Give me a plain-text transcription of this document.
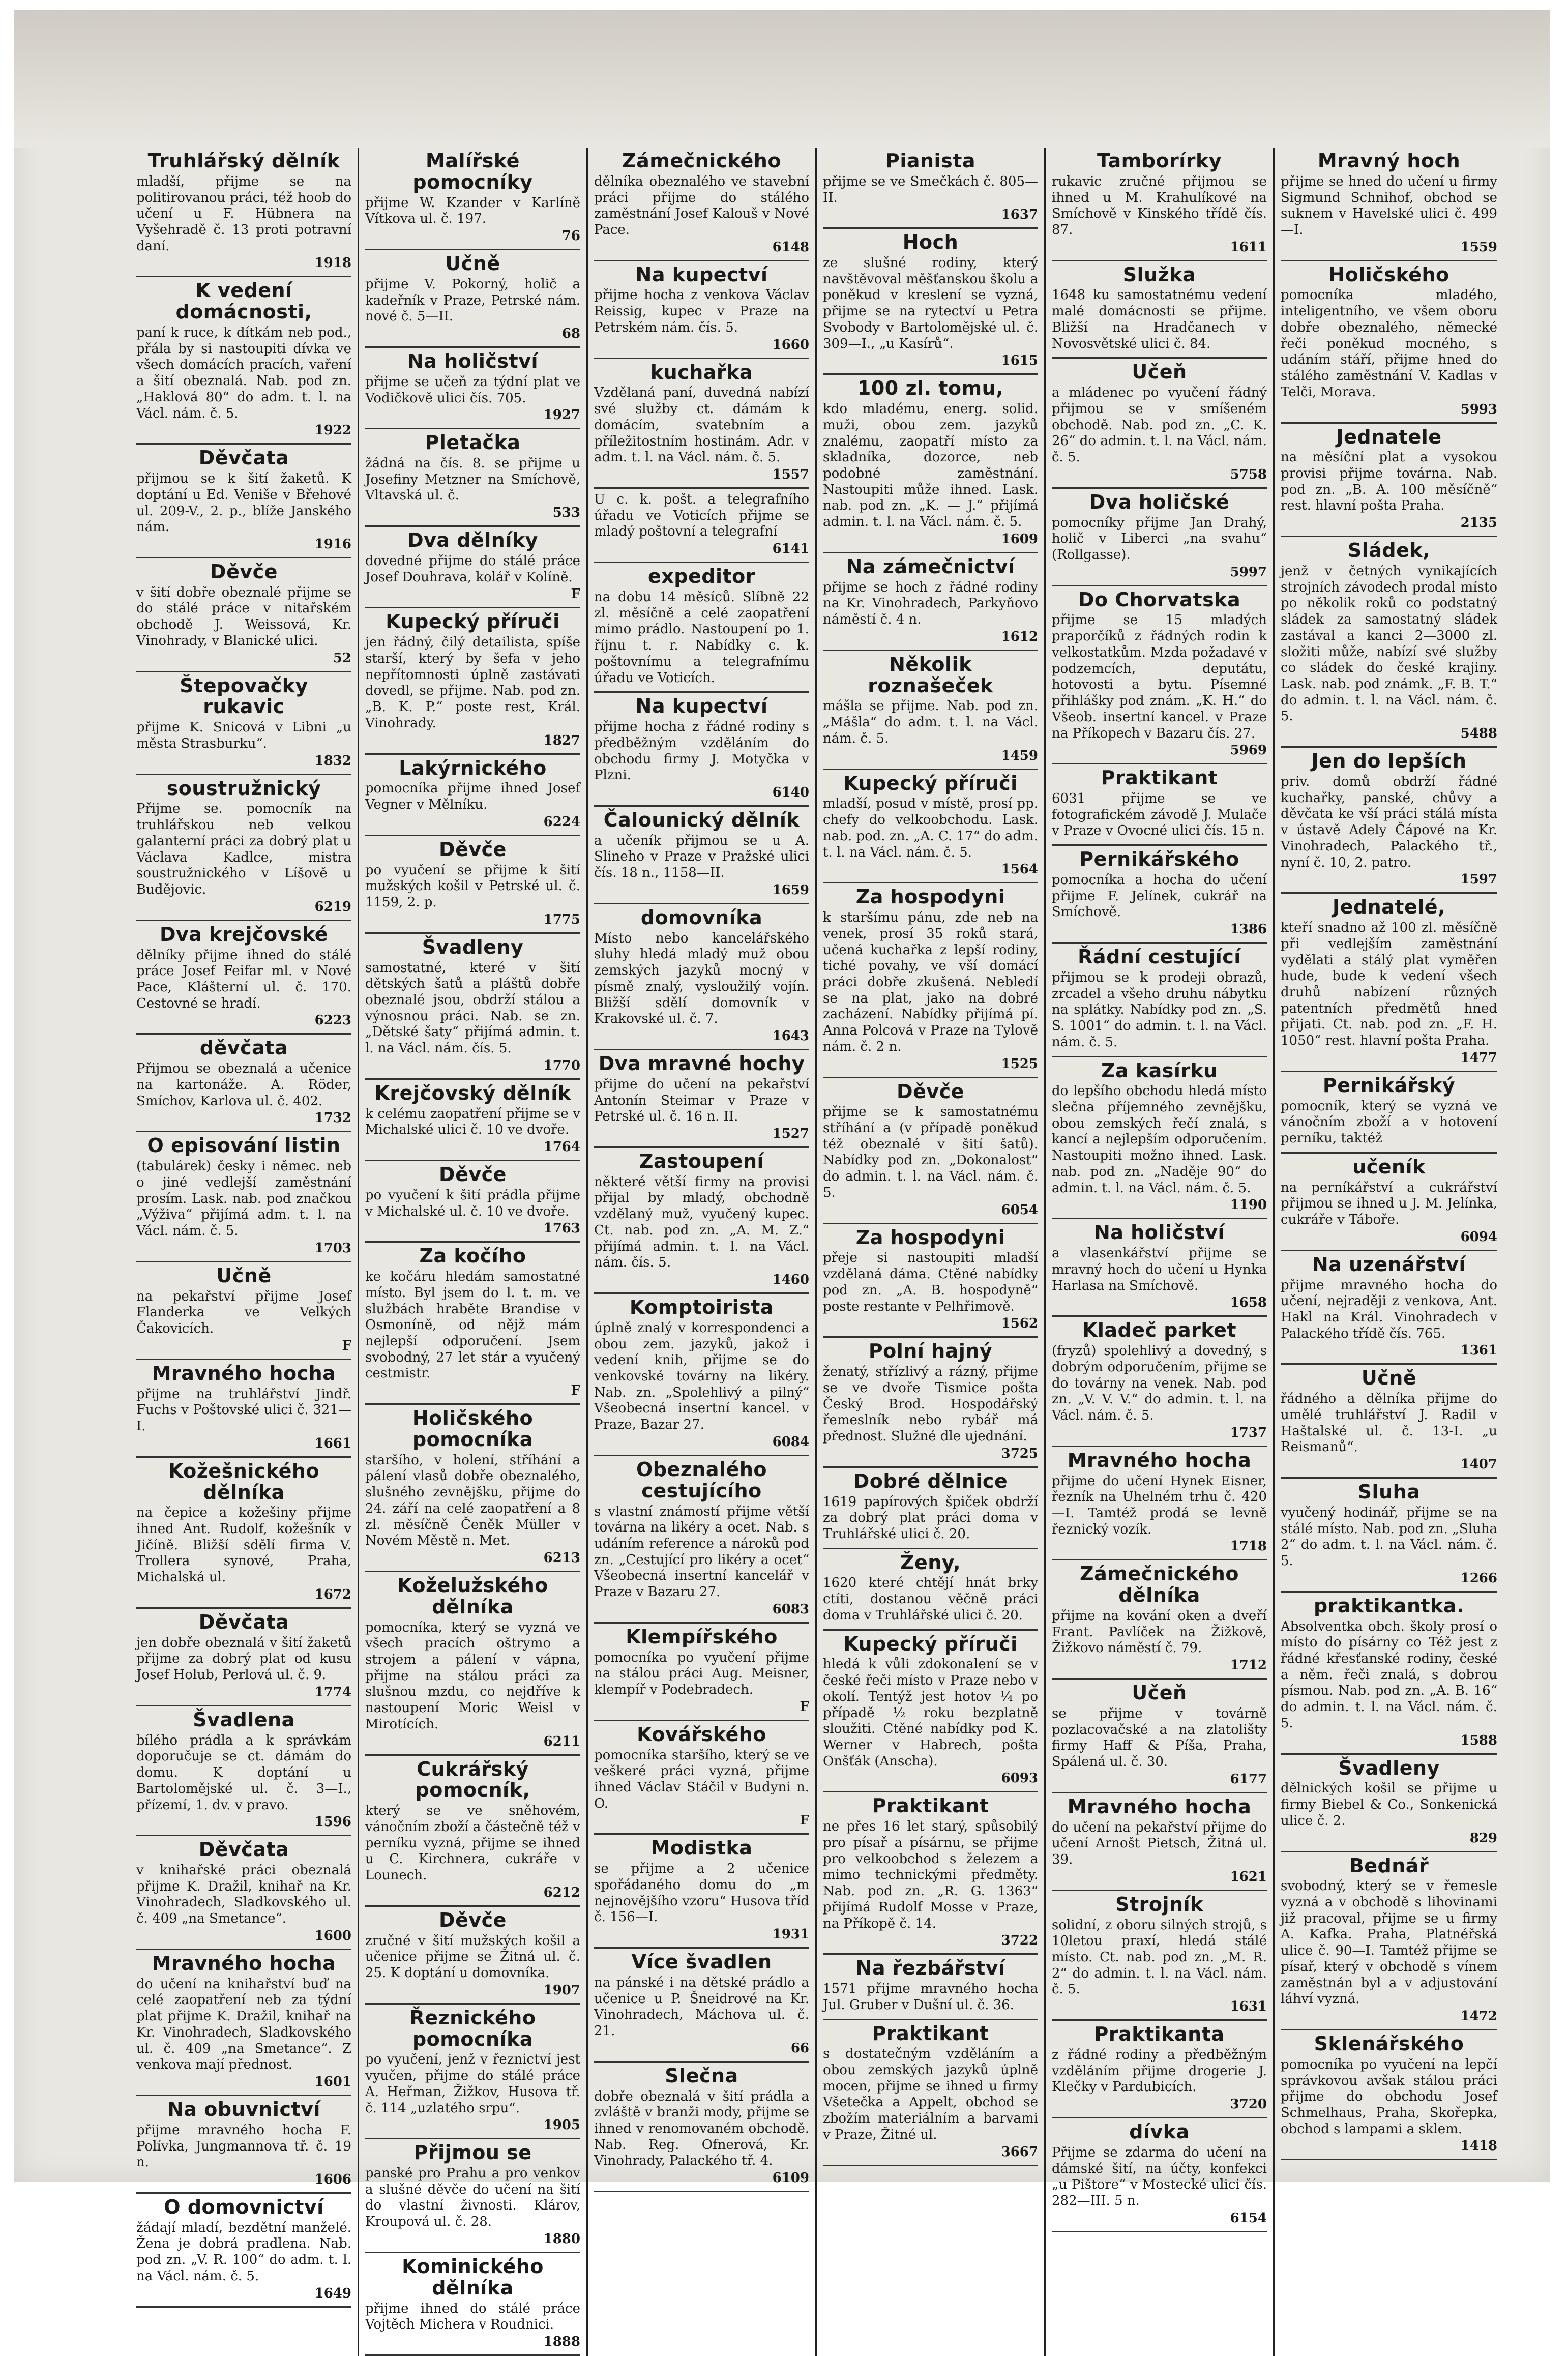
Truhlářský dělník

mladší, přijme se na politirovanou práci, též hoob do učení u F. Hübnera na Vyšehradě č. 13 proti potravní daní.

1918
K vedení domácnosti,

paní k ruce, k dítkám neb pod., přála by si nastoupiti dívka ve všech domácích pracích, vaření a šití obeznalá. Nab. pod zn. „Haklová 80“ do adm. t. l. na Václ. nám. č. 5.

1922
Děvčata

přijmou se k šití žaketů. K doptání u Ed. Veniše v Břehové ul. 209-V., 2. p., blíže Janského nám.

1916
Děvče

v šití dobře obeznalé přijme se do stálé práce v nitařském obchodě J. Weissová, Kr. Vinohrady, v Blanické ulici.

52
Štepovačky rukavic

přijme K. Snicová v Libni „u města Strasburku“.

1832
soustružnický

Přijme se. pomocník na truhlářskou neb velkou galanterní práci za dobrý plat u Václava Kadlce, mistra soustružnického v Líšově u Budějovic.

6219
Dva krejčovské

dělníky přijme ihned do stálé práce Josef Feifar ml. v Nové Pace, Klášterní ul. č. 170. Cestovné se hradí.

6223
děvčata

Přijmou se obeznalá a učenice na kartonáže. A. Röder, Smíchov, Karlova ul. č. 402.

1732
O episování listin

(tabulárek) česky i němec. neb o jiné vedlejší zaměstnání prosím. Lask. nab. pod značkou „Výživa“ přijímá adm. t. l. na Václ. nám. č. 5.

1703
Učně

na pekařství přijme Josef Flanderka ve Velkých Čakovicích.

F
Mravného hocha

přijme na truhlářství Jindř. Fuchs v Poštovské ulici č. 321—I.

1661
Kožešnického dělníka

na čepice a kožešiny přijme ihned Ant. Rudolf, kožešník v Jičíně. Bližší sdělí firma V. Trollera synové, Praha, Michalská ul.

1672
Děvčata

jen dobře obeznalá v šití žaketů přijme za dobrý plat od kusu Josef Holub, Perlová ul. č. 9.

1774
Švadlena

bílého prádla a k správkám doporučuje se ct. dámám do domu. K doptání u Bartolomějské ul. č. 3—I., přízemí, 1. dv. v pravo.

1596
Děvčata

v knihařské práci obeznalá přijme K. Dražil, knihař na Kr. Vinohradech, Sladkovského ul. č. 409 „na Smetance“.

1600
Mravného hocha

do učení na knihařství buď na celé zaopatření neb za týdní plat přijme K. Dražil, knihař na Kr. Vinohradech, Sladkovského ul. č. 409 „na Smetance“. Z venkova mají přednost.

1601
Na obuvnictví

přijme mravného hocha F. Polívka, Jungmannova tř. č. 19 n.

1606
O domovnictví

žádají mladí, bezdětní manželé. Žena je dobrá pradlena. Nab. pod zn. „V. R. 100“ do adm. t. l. na Václ. nám. č. 5.

1649
Malířské pomocníky

přijme W. Kzander v Karlíně Vítkova ul. č. 197.

76
Učně

přijme V. Pokorný, holič a kadeřník v Praze, Petrské nám. nové č. 5—II.

68
Na holičství

přijme se učeň za týdní plat ve Vodičkově ulici čís. 705.

1927
Pletačka

žádná na čís. 8. se přijme u Josefiny Metzner na Smíchově, Vltavská ul. č.

533
Dva dělníky

dovedné přijme do stálé práce Josef Douhrava, kolář v Kolíně.

F
Kupecký příruči

jen řádný, čilý detailista, spíše starší, který by šefa v jeho nepřítomnosti úplně zastávati dovedl, se přijme. Nab. pod zn. „B. K. P.“ poste rest, Král. Vinohrady.

1827
Lakýrnického

pomocníka přijme ihned Josef Vegner v Mělníku.

6224
Děvče

po vyučení se přijme k šití mužských košil v Petrské ul. č. 1159, 2. p.

1775
Švadleny

samostatné, které v šití dětských šatů a pláštů dobře obeznalé jsou, obdrží stálou a výnosnou práci. Nab. se zn. „Dětské šaty“ přijímá admin. t. l. na Václ. nám. čís. 5.

1770
Krejčovský dělník

k celému zaopatření přijme se v Michalské ulici č. 10 ve dvoře.

1764
Děvče

po vyučení k šití prádla přijme v Michalské ul. č. 10 ve dvoře.

1763
Za kočího

ke kočáru hledám samostatné místo. Byl jsem do l. t. m. ve službách hraběte Brandise v Osmoníně, od nějž mám nejlepší odporučení. Jsem svobodný, 27 let stár a vyučený cestmistr.

F
Holičského pomocníka

staršího, v holení, stříhání a pálení vlasů dobře obeznalého, slušného zevnějšku, přijme do 24. září na celé zaopatření a 8 zl. měsíčně Čeněk Müller v Novém Městě n. Met.

6213
Koželužského dělníka

pomocníka, který se vyzná ve všech pracích oštrymo a strojem a pálení v vápna, přijme na stálou práci za slušnou mzdu, co nejdříve k nastoupení Moric Weisl v Mirotících.

6211
Cukrářský pomocník,

který se ve sněhovém, vánočním zboží a částečně též v perníku vyzná, přijme se ihned u C. Kirchnera, cukráře v Lounech.

6212
Děvče

zručné v šití mužských košil a učenice přijme se Žitná ul. č. 25. K doptání u domovníka.

1907
Řeznického pomocníka

po vyučení, jenž v řeznictví jest vyučen, přijme do stálé práce A. Heřman, Žižkov, Husova tř. č. 114 „uzlatého srpu“.

1905
Přijmou se

panské pro Prahu a pro venkov a slušné děvče do učení na šití do vlastní živnosti. Klárov, Kroupová ul. č. 28.

1880
Kominického dělníka

přijme ihned do stálé práce Vojtěch Michera v Roudnici.

1888
Zámečnického

dělníka obeznalého ve stavební práci přijme do stálého zaměstnání Josef Kalouš v Nové Pace.

6148
Na kupectví

přijme hocha z venkova Václav Reissig, kupec v Praze na Petrském nám. čís. 5.

1660
kuchařka

Vzdělaná paní, duvedná nabízí své služby ct. dámám k domácím, svatebním a příležitostním hostinám. Adr. v adm. t. l. na Václ. nám. č. 5.

1557

U c. k. pošt. a telegrafního úřadu ve Voticích přijme se mladý poštovní a telegrafní

6141
expeditor

na dobu 14 měsíců. Slíbně 22 zl. měsíčně a celé zaopatření mimo prádlo. Nastoupení po 1. říjnu t. r. Nabídky c. k. poštovnímu a telegrafnímu úřadu ve Voticích.

Na kupectví

přijme hocha z řádné rodiny s předběžným vzděláním do obchodu firmy J. Motyčka v Plzni.

6140
Čalounický dělník

a učeník přijmou se u A. Slineho v Praze v Pražské ulici čís. 18 n., 1158—II.

1659
domovníka

Místo nebo kancelářského sluhy hledá mladý muž obou zemských jazyků mocný v písmě znalý, vysloužilý vojín. Bližší sdělí domovník v Krakovské ul. č. 7.

1643
Dva mravné hochy

přijme do učení na pekařství Antonín Steimar v Praze v Petrské ul. č. 16 n. II.

1527
Zastoupení

některé větší firmy na provisi přijal by mladý, obchodně vzdělaný muž, vyučený kupec. Ct. nab. pod zn. „A. M. Z.“ přijímá admin. t. l. na Václ. nám. čís. 5.

1460
Komptoirista

úplně znalý v korrespondenci a obou zem. jazyků, jakož i vedení knih, přijme se do venkovské továrny na likéry. Nab. zn. „Spolehlivý a pilný“ Všeobecná insertní kancel. v Praze, Bazar 27.

6084
Obeznalého cestujícího

s vlastní známostí přijme větší továrna na likéry a ocet. Nab. s udáním reference a nároků pod zn. „Cestující pro likéry a ocet“ Všeobecná insertní kancelář v Praze v Bazaru 27.

6083
Klempířského

pomocníka po vyučení přijme na stálou práci Aug. Meisner, klempíř v Podebradech.

F
Kovářského

pomocníka staršího, který se ve veškeré práci vyzná, přijme ihned Václav Stáčil v Budyni n. O.

F
Modistka

se přijme a 2 učenice spořádaného domu do „m nejnovějšího vzoru“ Husova tříd č. 156—I.

1931
Více švadlen

na pánské i na dětské prádlo a učenice u P. Šneidrové na Kr. Vinohradech, Máchova ul. č. 21.

66
Slečna

dobře obeznalá v šití prádla a zvláště v branži mody, přijme se ihned v renomovaném obchodě. Nab. Reg. Ofnerová, Kr. Vinohrady, Palackého tř. 4.

6109
Pianista

přijme se ve Smečkách č. 805—II.

1637
Hoch

ze slušné rodiny, který navštěvoval měšťanskou školu a poněkud v kreslení se vyzná, přijme se na rytectví u Petra Svobody v Bartolomějské ul. č. 309—I., „u Kasírů“.

1615
100 zl. tomu,

kdo mladému, energ. solid. muži, obou zem. jazyků znalému, zaopatří místo za skladníka, dozorce, neb podobné zaměstnání. Nastoupiti může ihned. Lask. nab. pod zn. „K. — J.“ přijímá admin. t. l. na Václ. nám. č. 5.

1609
Na zámečnictví

přijme se hoch z řádné rodiny na Kr. Vinohradech, Parkyňovo náměstí č. 4 n.

1612
Několik roznašeček

mášla se přijme. Nab. pod zn. „Mášla“ do adm. t. l. na Václ. nám. č. 5.

1459
Kupecký příruči

mladší, posud v místě, prosí pp. chefy do velkoobchodu. Lask. nab. pod. zn. „A. C. 17“ do adm. t. l. na Václ. nám. č. 5.

1564
Za hospodyni

k staršímu pánu, zde neb na venek, prosí 35 roků stará, učená kuchařka z lepší rodiny, tiché povahy, ve vší domácí práci dobře zkušená. Nebledí se na plat, jako na dobré zacházení. Nabídky přijímá pí. Anna Polcová v Praze na Tylově nám. č. 2 n.

1525
Děvče

přijme se k samostatnému stříhání a (v případě poněkud též obeznalé v šití šatů). Nabídky pod zn. „Dokonalost“ do admin. t. l. na Václ. nám. č. 5.

6054
Za hospodyni

přeje si nastoupiti mladší vzdělaná dáma. Ctěné nabídky pod zn. „A. B. hospodyně“ poste restante v Pelhřimově.

1562
Polní hajný

ženatý, střízlivý a rázný, přijme se ve dvoře Tismice pošta Český Brod. Hospodářský řemeslník nebo rybář má přednost. Služné dle ujednání.

3725
Dobré dělnice

1619 papírových špiček obdrží za dobrý plat práci doma v Truhlářské ulici č. 20.

Ženy,

1620 které chtějí hnát brky ctíti, dostanou věčně práci doma v Truhlářské ulici č. 20.

Kupecký příruči

hledá k vůli zdokonalení se v české řeči místo v Praze nebo v okolí. Tentýž jest hotov ¼ po případě ½ roku bezplatně sloužiti. Ctěné nabídky pod K. Werner v Habrech, pošta Onšťák (Anscha).

6093
Praktikant

ne přes 16 let starý, spůsobilý pro písař a písárnu, se přijme pro velkoobchod s železem a mimo technickými předměty. Nab. pod zn. „R. G. 1363“ přijímá Rudolf Mosse v Praze, na Příkopě č. 14.

3722
Na řezbářství

1571 přijme mravného hocha Jul. Gruber v Dušní ul. č. 36.

Praktikant

s dostatečným vzděláním a obou zemských jazyků úplně mocen, přijme se ihned u firmy Všetečka a Appelt, obchod se zbožím materiálním a barvami v Praze, Žitné ul.

3667
Tamborírky

rukavic zručné přijmou se ihned u M. Krahulíkové na Smíchově v Kinského třídě čís. 87.

1611
Služka

1648 ku samostatnému vedení malé domácnosti se přijme. Bližší na Hradčanech v Novosvětské ulici č. 84.

Učeň

a mládenec po vyučení řádný přijmou se v smíšeném obchodě. Nab. pod zn. „C. K. 26“ do admin. t. l. na Václ. nám. č. 5.

5758
Dva holičské

pomocníky přijme Jan Drahý, holič v Liberci „na svahu“ (Rollgasse).

5997
Do Chorvatska

přijme se 15 mladých praporčíků z řádných rodin k velkostatkům. Mzda požadavé v podzemcích, deputátu, hotovosti a bytu. Písemné přihlášky pod znám. „K. H.“ do Všeob. insertní kancel. v Praze na Příkopech v Bazaru čís. 27.

5969
Praktikant

6031 přijme se ve fotografickém závodě J. Mulače v Praze v Ovocné ulici čís. 15 n.

Pernikářského

pomocníka a hocha do učení přijme F. Jelínek, cukrář na Smíchově.

1386
Řádní cestující

přijmou se k prodeji obrazů, zrcadel a všeho druhu nábytku na splátky. Nabídky pod zn. „S. S. 1001“ do admin. t. l. na Václ. nám. č. 5.

Za kasírku

do lepšího obchodu hledá místo slečna příjemného zevnějšku, obou zemských řečí znalá, s kancí a nejlepším odporučením. Nastoupiti možno ihned. Lask. nab. pod zn. „Naděje 90“ do admin. t. l. na Václ. nám. č. 5.

1190
Na holičství

a vlasenkářství přijme se mravný hoch do učení u Hynka Harlasa na Smíchově.

1658
Kladeč parket

(fryzů) spolehlivý a dovedný, s dobrým odporučením, přijme se do továrny na venek. Nab. pod zn. „V. V. V.“ do admin. t. l. na Václ. nám. č. 5.

1737
Mravného hocha

přijme do učení Hynek Eisner, řezník na Uhelném trhu č. 420—I. Tamtéž prodá se levně řeznický vozík.

1718
Zámečnického dělníka

přijme na kování oken a dveří Frant. Pavlíček na Žižkově, Žižkovo náměstí č. 79.

1712
Učeň

se přijme v továrně pozlacovačské a na zlatolišty firmy Haff & Píša, Praha, Spálená ul. č. 30.

6177
Mravného hocha

do učení na pekařství přijme do učení Arnošt Pietsch, Žitná ul. 39.

1621
Strojník

solidní, z oboru silných strojů, s 10letou praxí, hledá stálé místo. Ct. nab. pod zn. „M. R. 2“ do admin. t. l. na Václ. nám. č. 5.

1631
Praktikanta

z řádné rodiny a předběžným vzděláním přijme drogerie J. Klečky v Pardubicích.

3720
dívka

Přijme se zdarma do učení na dámské šití, na účty, konfekci „u Pištore“ v Mostecké ulici čís. 282—III. 5 n.

6154
Mravný hoch

přijme se hned do učení u firmy Sigmund Schnihof, obchod se suknem v Havelské ulici č. 499—I.

1559
Holičského

pomocníka mladého, inteligentního, ve všem oboru dobře obeznalého, německé řeči poněkud mocného, s udáním stáří, přijme hned do stálého zaměstnání V. Kadlas v Telči, Morava.

5993
Jednatele

na měsíční plat a vysokou provisi přijme továrna. Nab. pod zn. „B. A. 100 měsíčně“ rest. hlavní pošta Praha.

2135
Sládek,

jenž v četných vynikajících strojních závodech prodal místo po několik roků co podstatný sládek za samostatný sládek zastával a kanci 2—3000 zl. složiti může, nabízí své služby co sládek do české krajiny. Lask. nab. pod známk. „F. B. T.“ do admin. t. l. na Václ. nám. č. 5.

5488
Jen do lepších

priv. domů obdrží řádné kuchařky, panské, chůvy a děvčata ke vší práci stálá místa v ústavě Adely Čápové na Kr. Vinohradech, Palackého tř., nyní č. 10, 2. patro.

1597
Jednatelé,

kteří snadno až 100 zl. měsíčně při vedlejším zaměstnání vydělati a stálý plat vyměřen hude, bude k vedení všech druhů nabízení různých patentních předmětů hned přijati. Ct. nab. pod zn. „F. H. 1050“ rest. hlavní pošta Praha.

1477
Pernikářský

pomocník, který se vyzná ve vánočním zboží a v hotovení perníku, taktéž

učeník

na perníkářství a cukrářství přijmou se ihned u J. M. Jelínka, cukráře v Táboře.

6094
Na uzenářství

přijme mravného hocha do učení, nejraději z venkova, Ant. Hakl na Král. Vinohradech v Palackého třídě čís. 765.

1361
Učně

řádného a dělníka přijme do umělé truhlářství J. Radil v Haštalské ul. č. 13-I. „u Reismanů“.

1407
Sluha

vyučený hodinář, přijme se na stálé místo. Nab. pod zn. „Sluha 2“ do adm. t. l. na Václ. nám. č. 5.

1266
praktikantka.

Absolventka obch. školy prosí o místo do písárny co Též jest z řádné křesťanské rodiny, české a něm. řeči znalá, s dobrou písmou. Nab. pod zn. „A. B. 16“ do admin. t. l. na Václ. nám. č. 5.

1588
Švadleny

dělnických košil se přijme u firmy Biebel & Co., Sonkenická ulice č. 2.

829
Bednář

svobodný, který se v řemesle vyzná a v obchodě s lihovinami již pracoval, přijme se u firmy A. Kafka. Praha, Platnéřská ulice č. 90—I. Tamtéž přijme se písař, který v obchodě s vínem zaměstnán byl a v adjustování láhví vyzná.

1472
Sklenářského

pomocníka po vyučení na lepčí správkovou avšak stálou práci přijme do obchodu Josef Schmelhaus, Praha, Skořepka, obchod s lampami a sklem.

1418
